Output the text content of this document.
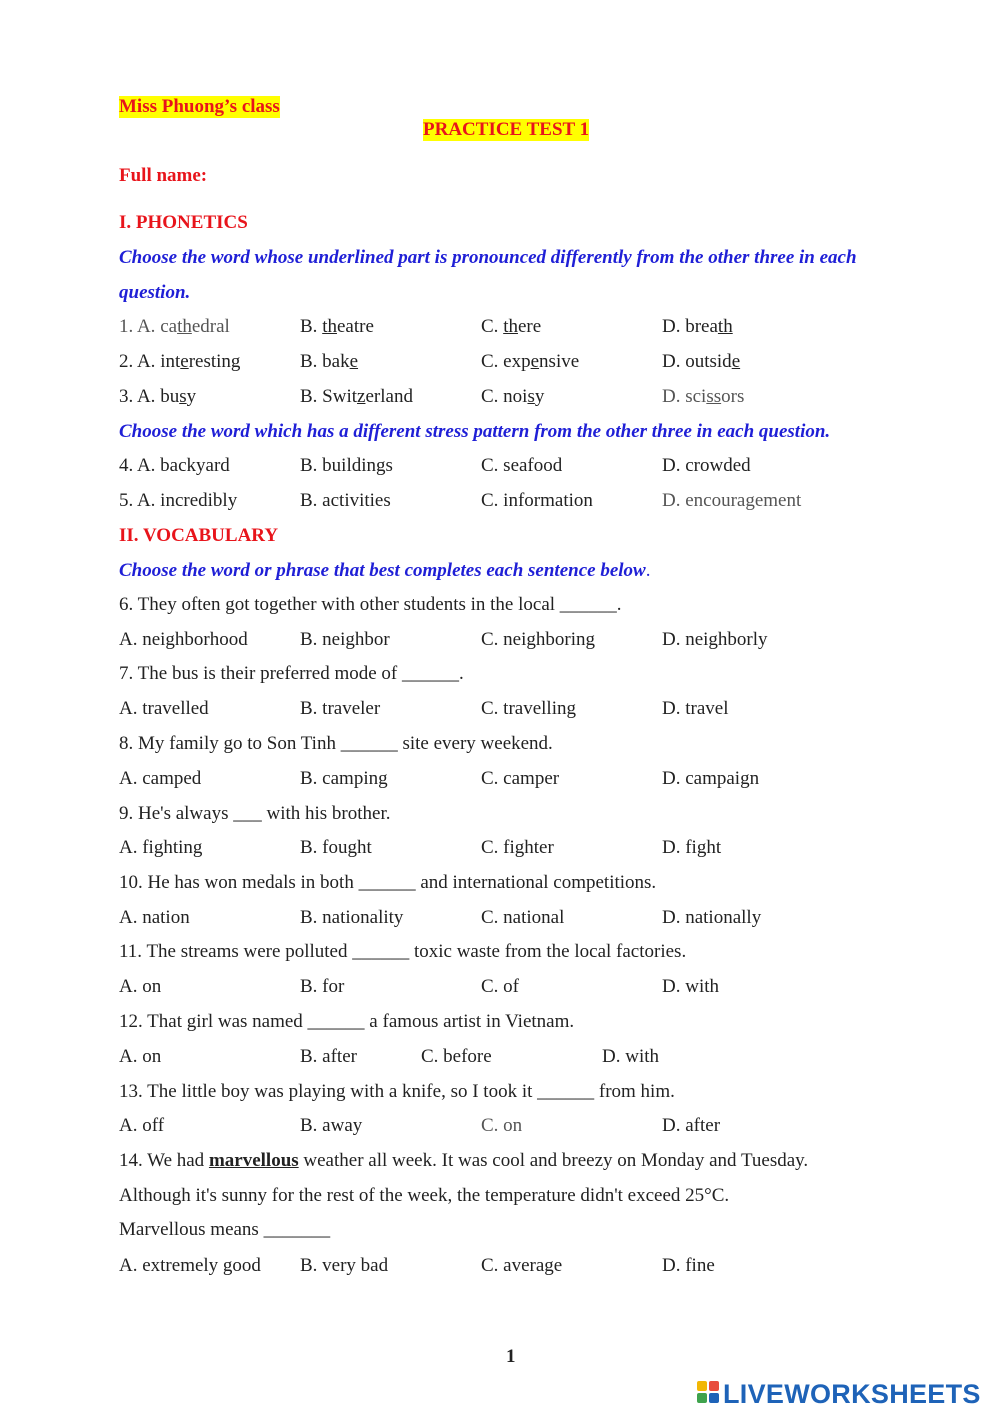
Miss Phuong’s class
PRACTICE TEST 1
Full name:
I. PHONETICS
Choose the word whose underlined part is pronounced differently from the other three in each
question.
1. A. cathedral	B. theatre	C. there	D. breath
2. A. interesting	B. bake	C. expensive	D. outside
3. A. busy	B. Switzerland	C. noisy	D. scissors
Choose the word which has a different stress pattern from the other three in each question.
4. A. backyard	B. buildings	C. seafood	D. crowded
5. A. incredibly	B. activities	C. information	D. encouragement
II. VOCABULARY
Choose the word or phrase that best completes each sentence below.
6. They often got together with other students in the local ______.
A. neighborhood	B. neighbor	C. neighboring	D. neighborly
7. The bus is their preferred mode of ______.
A. travelled	B. traveler	C. travelling	D. travel
8. My family go to Son Tinh ______ site every weekend.
A. camped	B. camping	C. camper	D. campaign
9. He's always ___ with his brother.
A. fighting	B. fought	C. fighter	D. fight
10. He has won medals in both ______ and international competitions.
A. nation	B. nationality	C. national	D. nationally
11. The streams were polluted ______ toxic waste from the local factories.
A. on	B. for	C. of	D. with
12. That girl was named ______ a famous artist in Vietnam.
A. on	B. after	C. before	D. with
13. The little boy was playing with a knife, so I took it ______ from him.
A. off	B. away	C. on	D. after
14. We had marvellous weather all week. It was cool and breezy on Monday and Tuesday.
Although it's sunny for the rest of the week, the temperature didn't exceed 25°C.
Marvellous means _______
A. extremely good B. very bad	C. average	D. fine
1
LIVEWORKSHEETS
